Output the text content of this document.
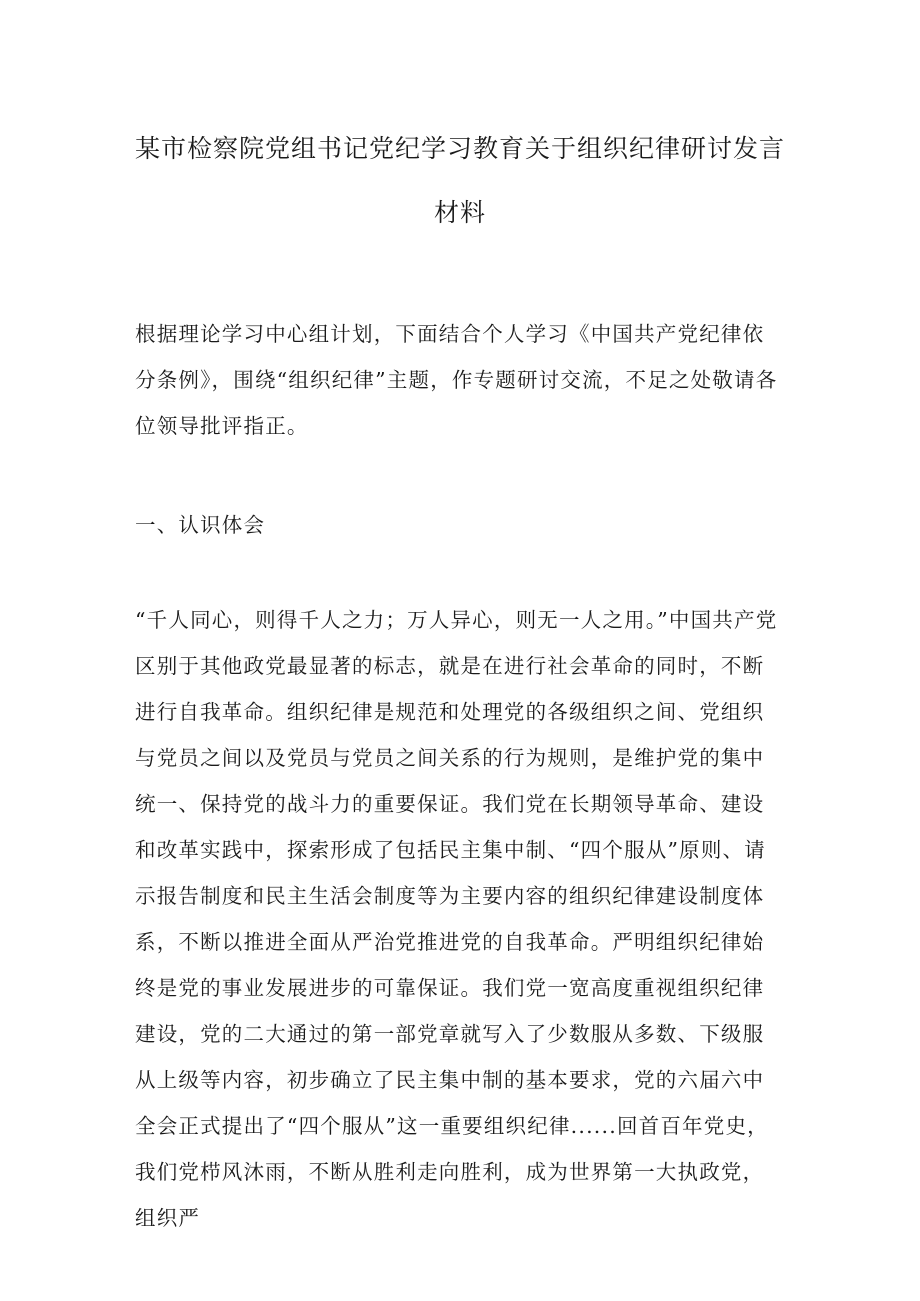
某市检察院党组书记党纪学习教育关于组织纪律研讨发言
材料
根据理论学习中心组计划，下面结合个人学习《中国共产党纪律依分条例》，围绕“组织纪律”主题，作专题研讨交流，不足之处敬请各位领导批评指正。
一、认识体会
“千人同心，则得千人之力；万人异心，则无一人之用。”中国共产党区别于其他政党最显著的标志，就是在进行社会革命的同时，不断进行自我革命。组织纪律是规范和处理党的各级组织之间、党组织与党员之间以及党员与党员之间关系的行为规则，是维护党的集中统一、保持党的战斗力的重要保证。我们党在长期领导革命、建设和改革实践中，探索形成了包括民主集中制、“四个服从”原则、请示报告制度和民主生活会制度等为主要内容的组织纪律建设制度体系，不断以推进全面从严治党推进党的自我革命。严明组织纪律始终是党的事业发展进步的可靠保证。我们党一宽高度重视组织纪律建设，党的二大通过的第一部党章就写入了少数服从多数、下级服从上级等内容，初步确立了民主集中制的基本要求，党的六届六中全会正式提出了“四个服从”这一重要组织纪律......回首百年党史，我们党栉风沐雨，不断从胜利走向胜利，成为世界第一大执政党，组织严
